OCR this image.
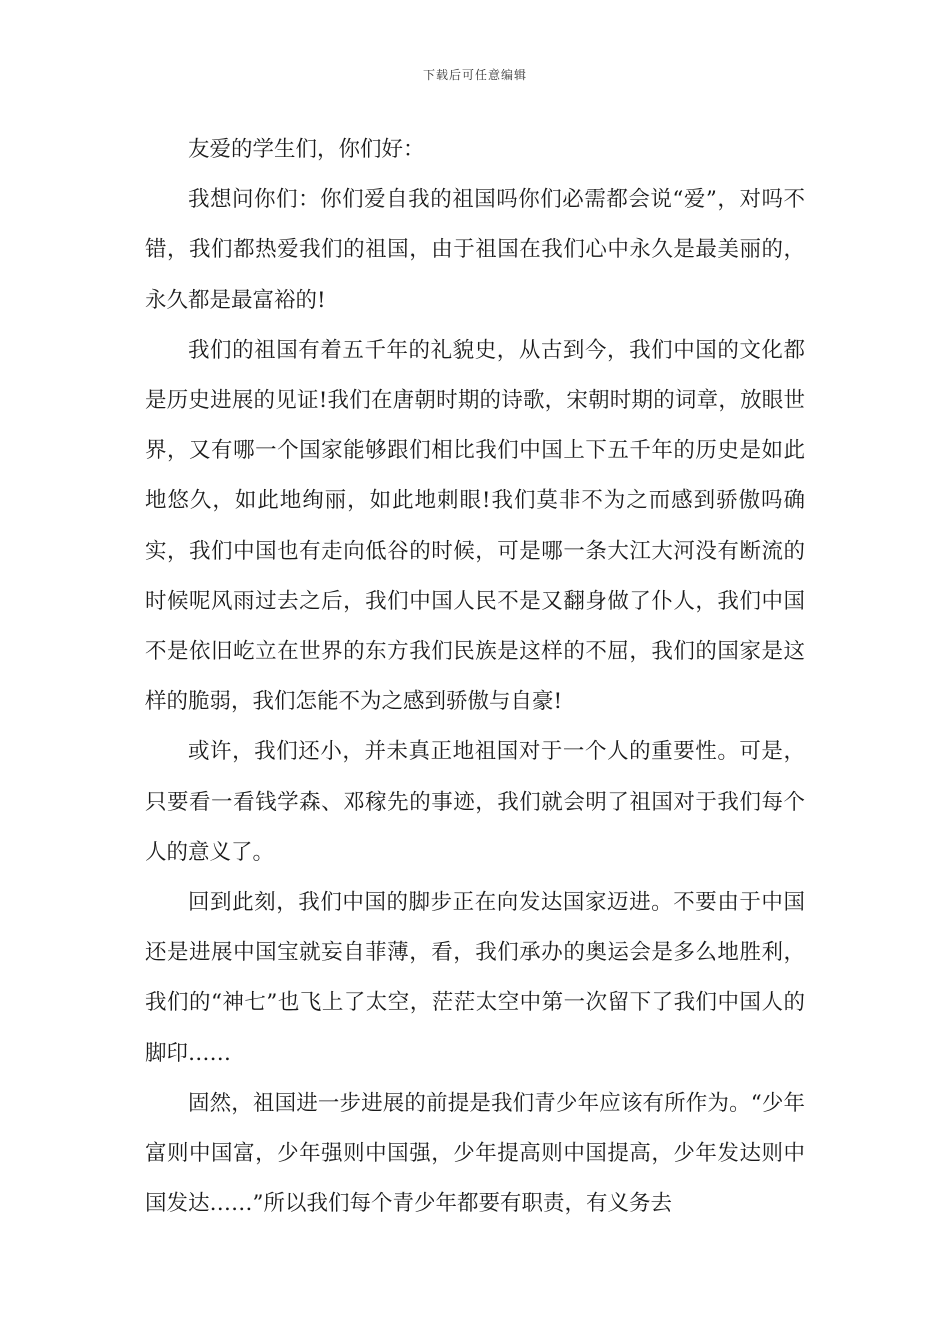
下载后可任意编辑

友爱的学生们，你们好：

我想问你们：你们爱自我的祖国吗你们必需都会说“爱”，对吗不错，我们都热爱我们的祖国，由于祖国在我们心中永久是最美丽的，永久都是最富裕的!

我们的祖国有着五千年的礼貌史，从古到今，我们中国的文化都是历史进展的见证!我们在唐朝时期的诗歌，宋朝时期的词章，放眼世界，又有哪一个国家能够跟们相比我们中国上下五千年的历史是如此地悠久，如此地绚丽，如此地刺眼!我们莫非不为之而感到骄傲吗确实，我们中国也有走向低谷的时候，可是哪一条大江大河没有断流的时候呢风雨过去之后，我们中国人民不是又翻身做了仆人，我们中国不是依旧屹立在世界的东方我们民族是这样的不屈，我们的国家是这样的脆弱，我们怎能不为之感到骄傲与自豪!

或许，我们还小，并未真正地祖国对于一个人的重要性。可是，只要看一看钱学森、邓稼先的事迹，我们就会明了祖国对于我们每个人的意义了。

回到此刻，我们中国的脚步正在向发达国家迈进。不要由于中国还是进展中国宝就妄自菲薄，看，我们承办的奥运会是多么地胜利，我们的“神七”也飞上了太空，茫茫太空中第一次留下了我们中国人的脚印……

固然，祖国进一步进展的前提是我们青少年应该有所作为。“少年富则中国富，少年强则中国强，少年提高则中国提高，少年发达则中国发达……”所以我们每个青少年都要有职责，有义务去
